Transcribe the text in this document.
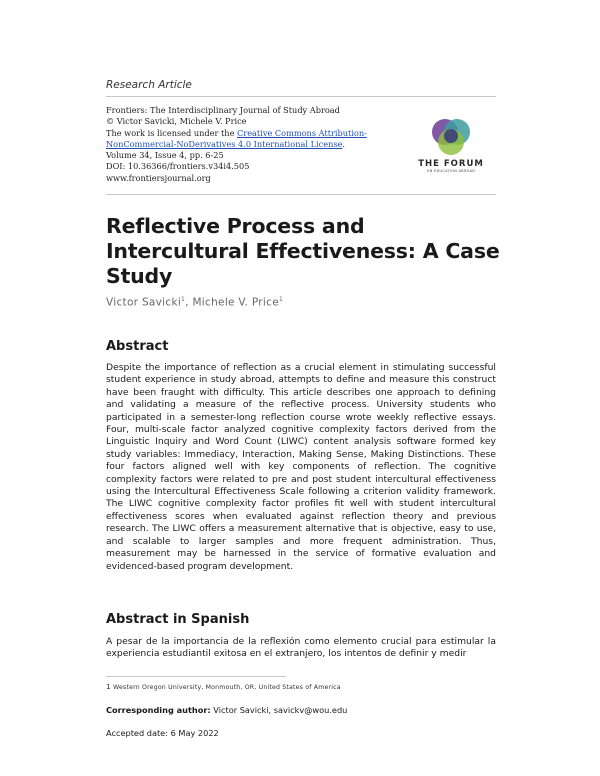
Research Article
Frontiers: The Interdisciplinary Journal of Study Abroad
© Victor Savicki, Michele V. Price
The work is licensed under the Creative Commons Attribution-NonCommercial-NoDerivatives 4.0 International License.
Volume 34, Issue 4, pp. 6-25
DOI: 10.36366/frontiers.v34i4.505
www.frontiersjournal.org
THE FORUM
ON EDUCATION ABROAD
Reflective Process and Intercultural Effectiveness: A Case Study
Victor Savicki$^1$, Michele V. Price$^1$
Abstract
Despite the importance of reflection as a crucial element in stimulating successful student experience in study abroad, attempts to define and measure this construct have been fraught with difficulty. This article describes one approach to defining and validating a measure of the reflective process. University students who participated in a semester-long reflection course wrote weekly reflective essays. Four, multi-scale factor analyzed cognitive complexity factors derived from the Linguistic Inquiry and Word Count (LIWC) content analysis software formed key study variables: Immediacy, Interaction, Making Sense, Making Distinctions. These four factors aligned well with key components of reflection. The cognitive complexity factors were related to pre and post student intercultural effectiveness using the Intercultural Effectiveness Scale following a criterion validity framework. The LIWC cognitive complexity factor profiles fit well with student intercultural effectiveness scores when evaluated against reflection theory and previous research. The LIWC offers a measurement alternative that is objective, easy to use, and scalable to larger samples and more frequent administration. Thus, measurement may be harnessed in the service of formative evaluation and evidenced-based program development.
Abstract in Spanish
A pesar de la importancia de la reflexión como elemento crucial para estimular la experiencia estudiantil exitosa en el extranjero, los intentos de definir y medir
1 Western Oregon University, Monmouth, OR, United States of America
Corresponding author: Victor Savicki, savickv@wou.edu
Accepted date: 6 May 2022
